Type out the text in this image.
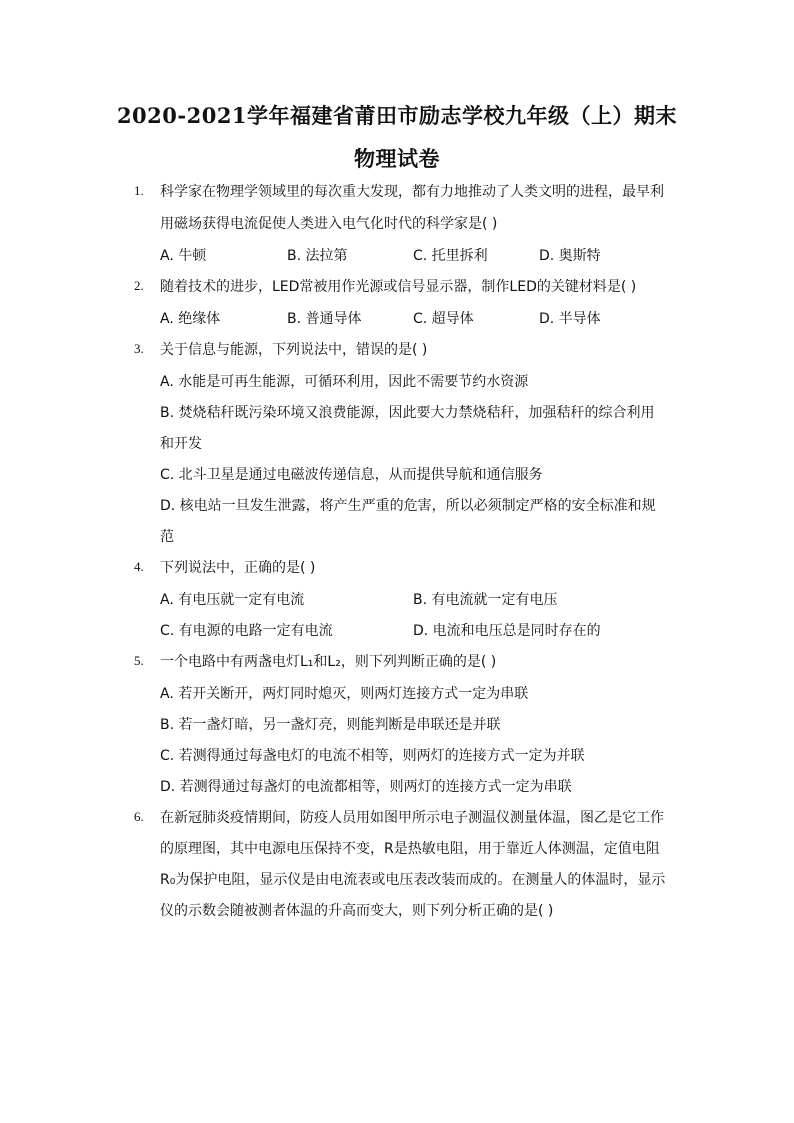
2020-2021学年福建省莆田市励志学校九年级（上）期末
物理试卷
1. 科学家在物理学领域里的每次重大发现，都有力地推动了人类文明的进程，最早利
用磁场获得电流促使人类进入电气化时代的科学家是( )
A. 牛顿	B. 法拉第	C. 托里拆利	D. 奥斯特
2. 随着技术的进步，LED常被用作光源或信号显示器，制作LED的关键材料是( )
A. 绝缘体	B. 普通导体	C. 超导体	D. 半导体
3. 关于信息与能源，下列说法中，错误的是( )
A. 水能是可再生能源，可循环利用，因此不需要节约水资源
B. 焚烧秸秆既污染环境又浪费能源，因此要大力禁烧秸秆，加强秸秆的综合利用
和开发
C. 北斗卫星是通过电磁波传递信息，从而提供导航和通信服务
D. 核电站一旦发生泄露，将产生严重的危害，所以必须制定严格的安全标准和规
范
4. 下列说法中，正确的是( )
A. 有电压就一定有电流	B. 有电流就一定有电压
C. 有电源的电路一定有电流	D. 电流和电压总是同时存在的
5. 一个电路中有两盏电灯L₁和L₂，则下列判断正确的是( )
A. 若开关断开，两灯同时熄灭，则两灯连接方式一定为串联
B. 若一盏灯暗，另一盏灯亮，则能判断是串联还是并联
C. 若测得通过每盏电灯的电流不相等，则两灯的连接方式一定为并联
D. 若测得通过每盏灯的电流都相等，则两灯的连接方式一定为串联
6. 在新冠肺炎疫情期间，防疫人员用如图甲所示电子测温仪测量体温，图乙是它工作
的原理图，其中电源电压保持不变，R是热敏电阻，用于靠近人体测温，定值电阻
R₀为保护电阻，显示仪是由电流表或电压表改装而成的。在测量人的体温时，显示
仪的示数会随被测者体温的升高而变大，则下列分析正确的是( )
